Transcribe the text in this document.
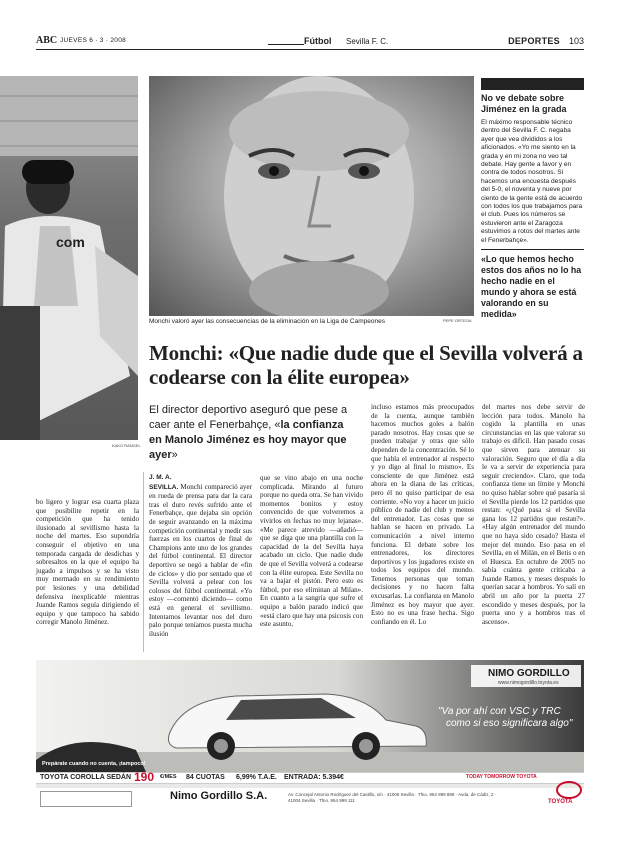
ABC JUEVES 6 · 3 · 2008	Fútbol Sevilla F. C.	DEPORTES 103
com
KAKO RANGEL
Monchi valoró ayer las consecuencias de la eliminación en la Liga de Campeones	PEPE ORTEGA
No ve debate sobre Jiménez en la grada
El máximo responsable técnico dentro del Sevilla F. C. negaba ayer que vea divididos a los aficionados. «Yo me siento en la grada y en mi zona no veo tal debate. Hay gente a favor y en contra de todos nosotros. Si hacemos una encuesta después del 5-0, el noventa y nueve por ciento de la gente está de acuerdo con todos los que trabajamos para el club. Pues los números se estuvieron ante el Zaragoza estuvimos a rotos del martes ante el Fenerbahçe».
«Lo que hemos hecho estos dos años no lo ha hecho nadie en el mundo y ahora se está valorando en su medida»
Monchi: «Que nadie dude que el Sevilla volverá a codearse con la élite europea»
El director deportivo aseguró que pese a caer ante el Fenerbahçe, «la confianza en Manolo Jiménez es hoy mayor que ayer»

bo ligero y lograr esa cuarta plaza que posibilite repetir en la competición que ha tenido ilusionado al sevillismo hasta la noche del martes. Eso supondría conseguir el objetivo en una temporada cargada de desdichas y sobresaltos en la que el equipo ha jugado a impulsos y se ha visto muy mermado en su rendimiento por lesiones y una debilidad defensiva inexplicable mientras Juande Ramos seguía dirigiendo el equipo y que tampoco ha sabido corregir Manolo Jiménez.

J. M. A.

SEVILLA. Monchi compareció ayer en rueda de prensa para dar la cara tras el duro revés sufrido ante el Fenerbahçe, que dejaba sin opción de seguir avanzando en la máxima competición continental y medir sus fuerzas en los cuartos de final de Champions ante uno de los grandes del fútbol continental. El director deportivo se negó a hablar de «fin de ciclos» y dio por sentado que el Sevilla volverá a pelear con los colosos del fútbol continental. «Yo estoy —comentó diciendo— como está en general el sevillismo. Intentamos levantar nos del duro palo porque teníamos puesta mucha ilusión

que se vino abajo en una noche complicada. Mirando al futuro porque no queda otra. Se han vivido momentos bonitos y estoy convencido de que volveremos a vivirlos en fechas no muy lejanas». «Me parece atrevido —añadió— que se diga que una plantilla con la capacidad de la del Sevilla haya acabado un ciclo. Que nadie dude de que el Sevilla volverá a codearse con la élite europea. Este Sevilla no va a bajar el pistón. Pero esto es fútbol, por eso eliminan al Milan». En cuanto a la sangría que sufre el equipo a balón parado indicó que «está claro que hay una psicosis con este asunto,

incluso estamos más preocupados de la cuenta, aunque también hacemos muchos goles a balón parado nosotros. Hay cosas que se pueden trabajar y otras que sólo dependen de la concentración. Sé lo que habla el entrenador al respecto y yo digo al final lo mismo». Es consciente de que Jiménez está ahora en la diana de las críticas, pero él no quiso participar de esa corriente. «No voy a hacer un juicio público de nadie del club y menos del entrenador. Las cosas que se hablan se hacen en privado. La comunicación a nivel interno funciona. El debate sobre los entrenadores, los directores deportivos y los jugadores existe en todos los equipos del mundo. Tenemos personas que toman decisiones y no hacen falta excusarlas. La confianza en Manolo Jiménez es hoy mayor que ayer. Esto no es una frase hecha. Sigo confiando en él. Lo

del martes nos debe servir de lección para todos. Manolo ha cogido la plantilla en unas circunstancias en las que valorar su trabajo es difícil. Han pasado cosas que sirven para atenuar su valoración. Seguro que el día a día le va a servir de experiencia para seguir creciendo». Claro, que toda confianza tiene un límite y Monchi no quiso hablar sobre qué pasaría si el Sevilla pierde los 12 partidos que restan: «¿Qué pasa si el Sevilla gana los 12 partidos que restan?». «Hay algún entrenador del mundo que no haya sido cesado? Hasta el mejor del mundo. Eso pasa en el Sevilla, en el Milán, en el Betis o en el Huesca. En octubre de 2005 no sabía cuánta gente criticaba a Juande Ramos, y meses después lo querían sacar a hombros. Yo salí en abril un año por la puerta 27 escondido y meses después, por la puerta uno y a hombros tras el ascenso».

NIMO GORDILLO
www.nimogordillo.toyota.es
"Va por ahí con VSC y TRC
como si eso significara algo"
Prepárate cuando no cuenta, ¡tampoco!
TOYOTA COROLLA SEDÁN 190 €/MES 84 CUOTAS 6,99% T.A.E. ENTRADA: 5.394€	TODAY TOMORROW TOYOTA
Nimo Gordillo S.A.	Av. Concejal Antonio Rodríguez del Castillo, s/n · 41006 Sevilla · Tfno. 954 999 888 · Avda. de Cádiz, 2 · 41004 Sevilla · Tfno. 954 999 111	TOYOTA
